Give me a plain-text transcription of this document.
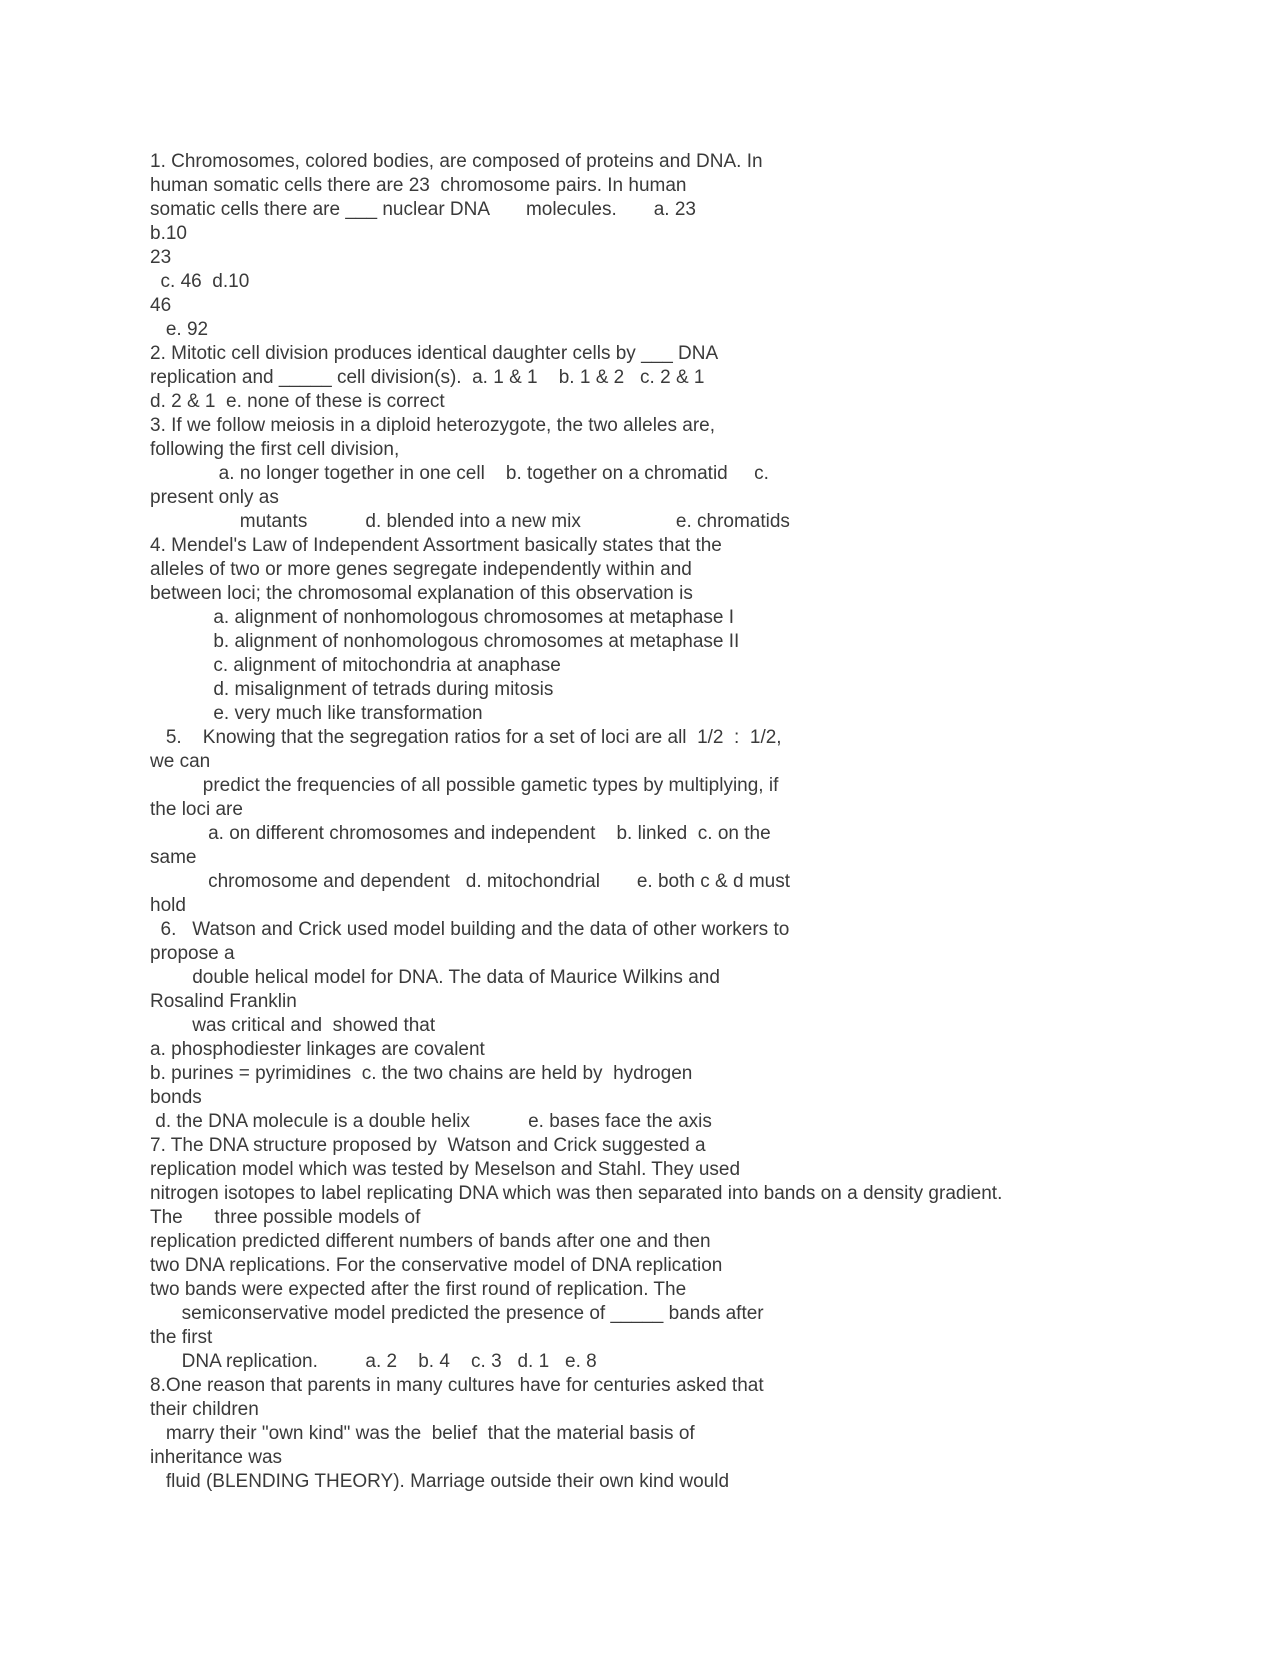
1. Chromosomes, colored bodies, are composed of proteins and DNA. In

human somatic cells there are 23  chromosome pairs. In human

somatic cells there are ___ nuclear DNA       molecules.       a. 23

b.10

23

c. 46  d.10

46

e. 92

2. Mitotic cell division produces identical daughter cells by ___ DNA

replication and _____ cell division(s).  a. 1 & 1    b. 1 & 2   c. 2 & 1

d. 2 & 1  e. none of these is correct

3. If we follow meiosis in a diploid heterozygote, the two alleles are,

following the first cell division,

a. no longer together in one cell    b. together on a chromatid     c.

present only as

mutants           d. blended into a new mix                  e. chromatids

4. Mendel's Law of Independent Assortment basically states that the

alleles of two or more genes segregate independently within and

between loci; the chromosomal explanation of this observation is

a. alignment of nonhomologous chromosomes at metaphase I

b. alignment of nonhomologous chromosomes at metaphase II

c. alignment of mitochondria at anaphase

d. misalignment of tetrads during mitosis

e. very much like transformation

5.    Knowing that the segregation ratios for a set of loci are all  1/2  :  1/2,

we can

predict the frequencies of all possible gametic types by multiplying, if

the loci are

a. on different chromosomes and independent    b. linked  c. on the

same

chromosome and dependent   d. mitochondrial       e. both c & d must

hold

6.   Watson and Crick used model building and the data of other workers to

propose a

double helical model for DNA. The data of Maurice Wilkins and

Rosalind Franklin

was critical and  showed that

a. phosphodiester linkages are covalent

b. purines = pyrimidines  c. the two chains are held by  hydrogen

bonds

d. the DNA molecule is a double helix           e. bases face the axis

7. The DNA structure proposed by  Watson and Crick suggested a

replication model which was tested by Meselson and Stahl. They used

nitrogen isotopes to label replicating DNA which was then separated into bands on a density gradient.

The      three possible models of

replication predicted different numbers of bands after one and then

two DNA replications. For the conservative model of DNA replication

two bands were expected after the first round of replication. The

semiconservative model predicted the presence of _____ bands after

the first

DNA replication.         a. 2    b. 4    c. 3   d. 1   e. 8

8.One reason that parents in many cultures have for centuries asked that

their children

marry their "own kind" was the  belief  that the material basis of

inheritance was

fluid (BLENDING THEORY). Marriage outside their own kind would
